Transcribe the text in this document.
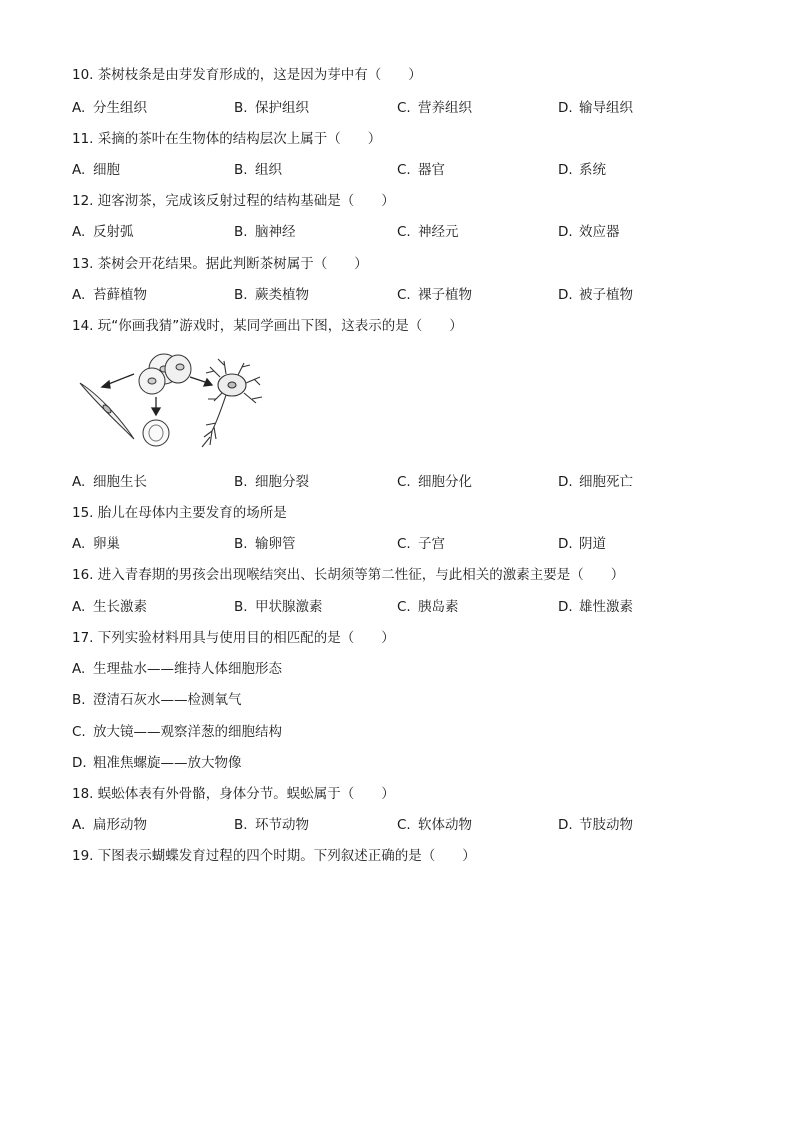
10. 茶树枝条是由芽发育形成的，这是因为芽中有（　　）
A. 分生组织	B. 保护组织	C. 营养组织	D. 输导组织
11. 采摘的茶叶在生物体的结构层次上属于（　　）
A. 细胞	B. 组织	C. 器官	D. 系统
12. 迎客沏茶，完成该反射过程的结构基础是（　　）
A. 反射弧	B. 脑神经	C. 神经元	D. 效应器
13. 茶树会开花结果。据此判断茶树属于（　　）
A. 苔藓植物	B. 蕨类植物	C. 裸子植物	D. 被子植物
14. 玩“你画我猜”游戏时，某同学画出下图，这表示的是（　　）
A. 细胞生长	B. 细胞分裂	C. 细胞分化	D. 细胞死亡
15. 胎儿在母体内主要发育的场所是
A. 卵巢	B. 输卵管	C. 子宫	D. 阴道
16. 进入青春期的男孩会出现喉结突出、长胡须等第二性征，与此相关的激素主要是（　　）
A. 生长激素	B. 甲状腺激素	C. 胰岛素	D. 雄性激素
17. 下列实验材料用具与使用目的相匹配的是（　　）
A. 生理盐水——维持人体细胞形态
B. 澄清石灰水——检测氧气
C. 放大镜——观察洋葱的细胞结构
D. 粗准焦螺旋——放大物像
18. 蜈蚣体表有外骨骼，身体分节。蜈蚣属于（　　）
A. 扁形动物	B. 环节动物	C. 软体动物	D. 节肢动物
19. 下图表示蝴蝶发育过程的四个时期。下列叙述正确的是（　　）
